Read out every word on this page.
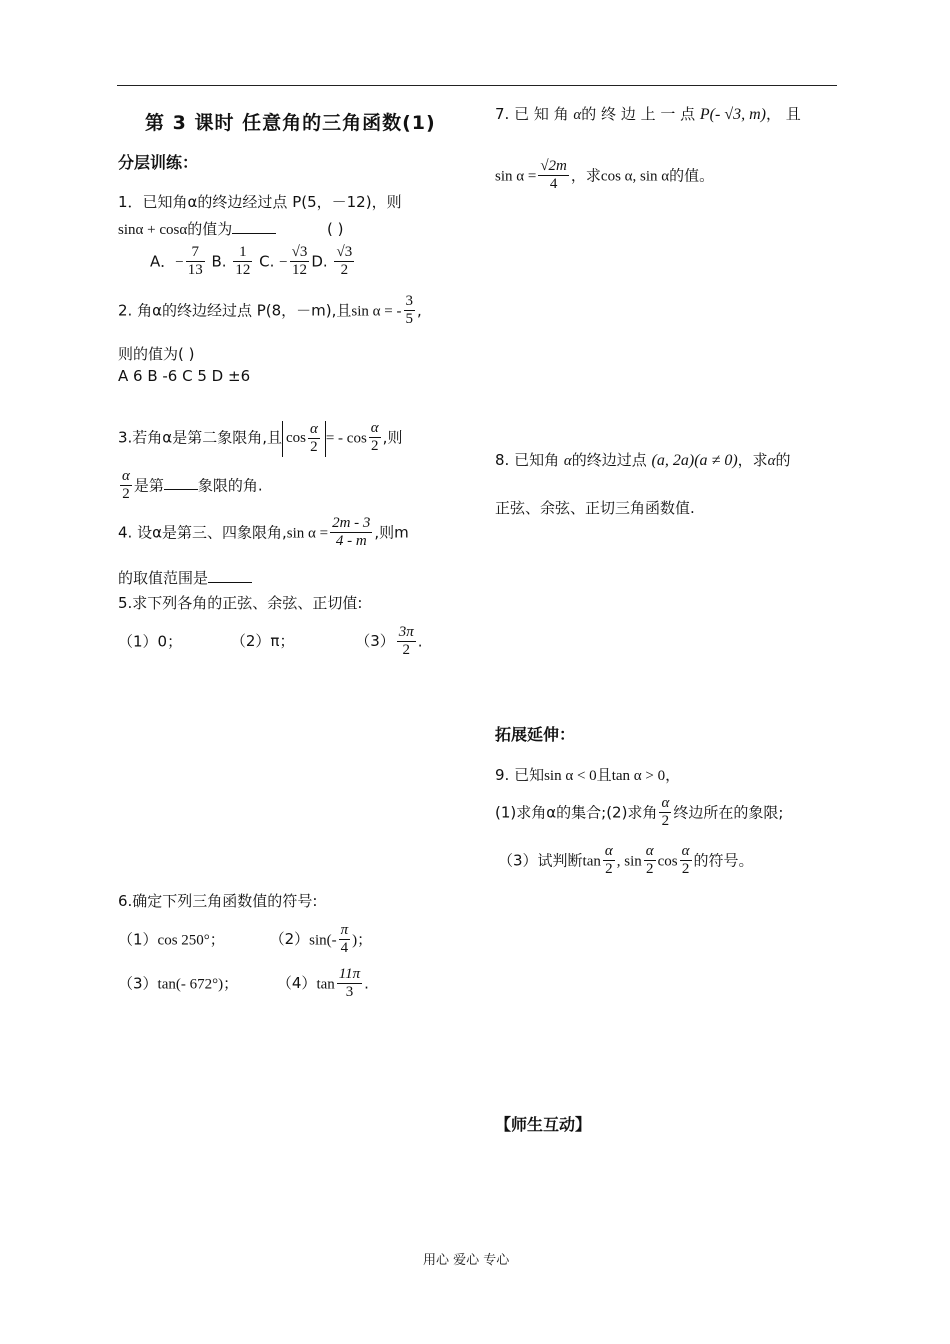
第 3 课时 任意角的三角函数(1)
分层训练：
1．已知角α的终边经过点 P(5，－12)，则
sinα + cosα的值为	( )
A．− $\frac{7}{13} B$. $\frac{1}{12} C$. − $\frac{√3}{12} D$. $\frac{√3}{2}$
2. 角α的终边经过点 P(8，－m),且sin α = - $\frac{3}{5}$ ,
则的值为( )
A 6 B -6 C 5 D ±6
3.若角α是第二象限角,且 $\cos \frac{\alpha}{2}$ = - $\cos \frac{\alpha}{2}$ ,则
$\frac{\alpha}{2}$ 是第 象限的角.
4. 设α是第三、四象限角,sin $\alpha = \frac{2m - 3}{4 - m}$ ,则m
的取值范围是
5.求下列各角的正弦、余弦、正切值:
（1）0；	（2）π；	$(3) \frac{3\pi}{2}$ .
6.确定下列三角函数值的符号:
（1）cos 250°；	$(2)\sin(- \frac{\pi}{4}$ )；
（3）tan(- 672°)；	$(4)\tan \frac{11\pi}{3}$ .
7. 已 知 角 α的 终 边 上 一 点 P(- √3, m)， 且
$\sin \alpha = \frac{√2m}{4}$ ，求cos α, sin α的值。
8. 已知角 α的终边过点 (a, 2a)(a ≠ 0)，求α的
正弦、余弦、正切三角函数值.
拓展延伸：
9. 已知sin α < 0且tan α > 0，
(1)求角α的集合;(2)求角 $\frac{\alpha}{2}$ 终边所在的象限;
（3）试判断$\tan \frac{\alpha}{2}$ , $\sin \frac{\alpha}{2}$ $\cos \frac{\alpha}{2}$ 的符号。
【师生互动】
用心 爱心 专心
